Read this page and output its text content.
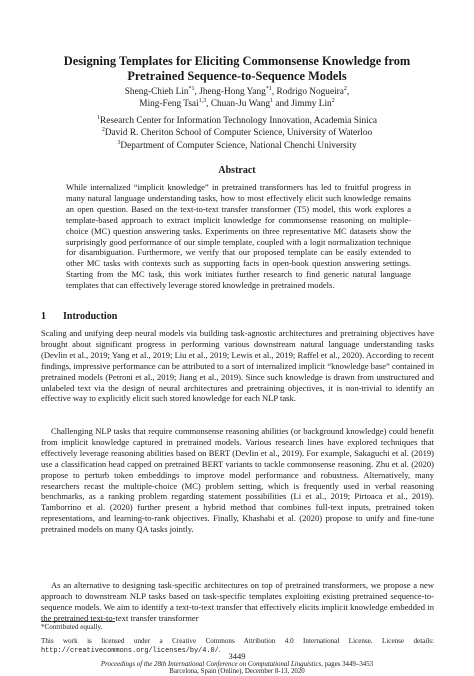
Designing Templates for Eliciting Commonsense Knowledge from
Pretrained Sequence-to-Sequence Models
Sheng-Chieh Lin$^{*1}$, Jheng-Hong Yang$^{*1}$, Rodrigo Nogueira$^2$,
Ming-Feng Tsai$^{1,3}$, Chuan-Ju Wang$^1$ and Jimmy Lin$^2$
$^1$Research Center for Information Technology Innovation, Academia Sinica
$^2$David R. Cheriton School of Computer Science, University of Waterloo
$^3$Department of Computer Science, National Chenchi University
Abstract

While internalized “implicit knowledge” in pretrained transformers has led to fruitful progress in many natural language understanding tasks, how to most effectively elicit such knowledge remains an open question. Based on the text-to-text transfer transformer (T5) model, this work explores a template-based approach to extract implicit knowledge for commonsense reasoning on multiple-choice (MC) question answering tasks. Experiments on three representative MC datasets show the surprisingly good performance of our simple template, coupled with a logit normalization technique for disambiguation. Furthermore, we verify that our proposed template can be easily extended to other MC tasks with contexts such as supporting facts in open-book question answering settings. Starting from the MC task, this work initiates further research to find generic natural language templates that can effectively leverage stored knowledge in pretrained models.

1 Introduction

Scaling and unifying deep neural models via building task-agnostic architectures and pretraining objectives have brought about significant progress in performing various downstream natural language understanding tasks (Devlin et al., 2019; Yang et al., 2019; Liu et al., 2019; Lewis et al., 2019; Raffel et al., 2020). According to recent findings, impressive performance can be attributed to a sort of internalized implicit “knowledge base” contained in pretrained models (Petroni et al., 2019; Jiang et al., 2019). Since such knowledge is drawn from unstructured and unlabeled text via the design of neural architectures and pretraining objectives, it is non-trivial to identify an effective way to explicitly elicit such stored knowledge for each NLP task.

Challenging NLP tasks that require commonsense reasoning abilities (or background knowledge) could benefit from implicit knowledge captured in pretrained models. Various research lines have explored techniques that effectively leverage reasoning abilities based on BERT (Devlin et al., 2019). For example, Sakaguchi et al. (2019) use a classification head capped on pretrained BERT variants to tackle commonsense reasoning. Zhu et al. (2020) propose to perturb token embeddings to improve model performance and robustness. Alternatively, many researchers recast the multiple-choice (MC) problem setting, which is frequently used in verbal reasoning benchmarks, as a ranking problem regarding statement possibilities (Li et al., 2019; Pirtoaca et al., 2019). Tamborrino et al. (2020) further present a hybrid method that combines full-text inputs, pretrained token representations, and learning-to-rank objectives. Finally, Khashabi et al. (2020) propose to unify and fine-tune pretrained models on many QA tasks jointly.

As an alternative to designing task-specific architectures on top of pretrained transformers, we propose a new approach to downstream NLP tasks based on task-specific templates exploiting existing pretrained sequence-to-sequence models. We aim to identify a text-to-text transfer that effectively elicits implicit knowledge embedded in the pretrained text-to-text transfer transformer

*Contributed equally.
This work is licensed under a Creative Commons Attribution 4.0 International License. License details: http://creativecommons.org/licenses/by/4.0/.
3449
Proceedings of the 28th International Conference on Computational Linguistics, pages 3449–3453
Barcelona, Spain (Online), December 8-13, 2020
